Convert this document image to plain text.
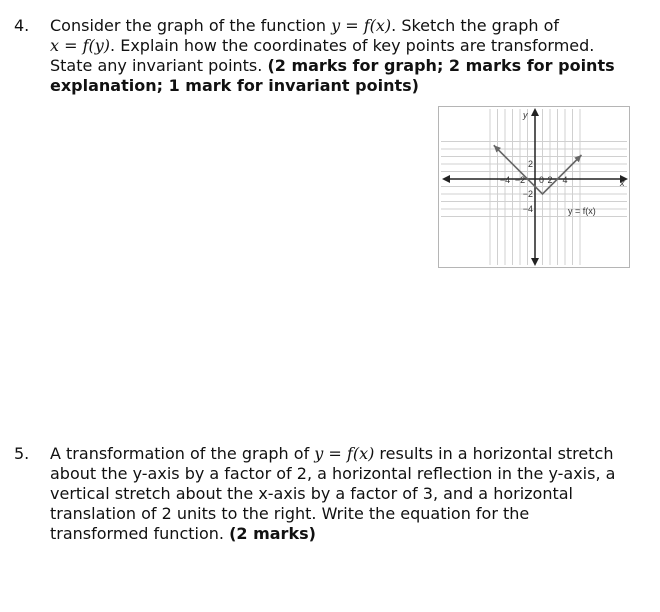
4. Consider the graph of the function y = f(x). Sketch the graph of
x = f(y). Explain how the coordinates of key points are transformed.
State any invariant points. (2 marks for graph; 2 marks for points
explanation; 1 mark for invariant points)
−4 −2 0 2 4
2
−2
−4
x
y
y = f(x)
5. A transformation of the graph of y = f(x) results in a horizontal stretch
about the y-axis by a factor of 2, a horizontal reflection in the y-axis, a
vertical stretch about the x-axis by a factor of 3, and a horizontal
translation of 2 units to the right. Write the equation for the
transformed function. (2 marks)
